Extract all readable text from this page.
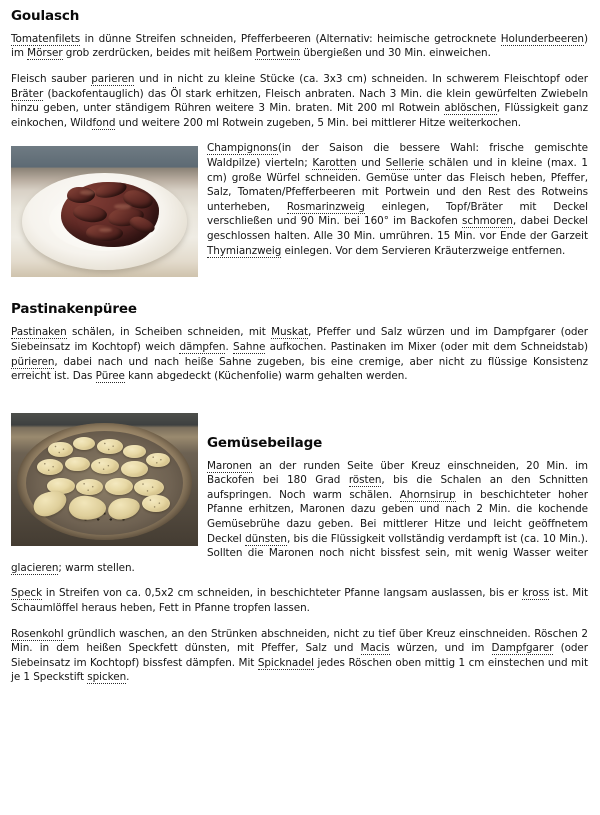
Goulasch

Tomatenfilets in dünne Streifen schneiden, Pfefferbeeren (Alternativ: heimische getrocknete Holunderbeeren) im Mörser grob zerdrücken, beides mit heißem Portwein übergießen und 30 Min. einweichen.

Fleisch sauber parieren und in nicht zu kleine Stücke (ca. 3x3 cm) schneiden. In schwerem Fleischtopf oder Bräter (backofentauglich) das Öl stark erhitzen, Fleisch anbraten. Nach 3 Min. die klein gewürfelten Zwiebeln hinzu geben, unter ständigem Rühren weitere 3 Min. braten. Mit 200 ml Rotwein ablöschen, Flüssigkeit ganz einkochen, Wildfond und weitere 200 ml Rotwein zugeben, 5 Min. bei mittlerer Hitze weiterkochen.

Champignons(in der Saison die bessere Wahl: frische gemischte Waldpilze) vierteln; Karotten und Sellerie schälen und in kleine (max. 1 cm) große Würfel schneiden. Gemüse unter das Fleisch heben, Pfeffer, Salz, Tomaten/Pfefferbeeren mit Portwein und den Rest des Rotweins unterheben, Rosmarinzweig einlegen, Topf/Bräter mit Deckel verschließen und 90 Min. bei 160° im Backofen schmoren, dabei Deckel geschlossen halten. Alle 30 Min. umrühren. 15 Min. vor Ende der Garzeit Thymianzweig einlegen. Vor dem Servieren Kräuterzweige entfernen.

Pastinakenpüree

Pastinaken schälen, in Scheiben schneiden, mit Muskat, Pfeffer und Salz würzen und im Dampfgarer (oder Siebeinsatz im Kochtopf) weich dämpfen. Sahne aufkochen. Pastinaken im Mixer (oder mit dem Schneidstab) pürieren, dabei nach und nach heiße Sahne zugeben, bis eine cremige, aber nicht zu flüssige Konsistenz erreicht ist. Das Püree kann abgedeckt (Küchenfolie) warm gehalten werden.

Gemüsebeilage

Maronen an der runden Seite über Kreuz einschneiden, 20 Min. im Backofen bei 180 Grad rösten, bis die Schalen an den Schnitten aufspringen. Noch warm schälen. Ahornsirup in beschichteter hoher Pfanne erhitzen, Maronen dazu geben und nach 2 Min. die kochende Gemüsebrühe dazu geben. Bei mittlerer Hitze und leicht geöffnetem Deckel dünsten, bis die Flüssigkeit vollständig verdampft ist (ca. 10 Min.). Sollten die Maronen noch nicht bissfest sein, mit wenig Wasser weiter glacieren; warm stellen.

Speck in Streifen von ca. 0,5x2 cm schneiden, in beschichteter Pfanne langsam auslassen, bis er kross ist. Mit Schaumlöffel heraus heben, Fett in Pfanne tropfen lassen.

Rosenkohl gründlich waschen, an den Strünken abschneiden, nicht zu tief über Kreuz einschneiden. Röschen 2 Min. in dem heißen Speckfett dünsten, mit Pfeffer, Salz und Macis würzen, und im Dampfgarer (oder Siebeinsatz im Kochtopf) bissfest dämpfen. Mit Spicknadel jedes Röschen oben mittig 1 cm einstechen und mit je 1 Speckstift spicken.
